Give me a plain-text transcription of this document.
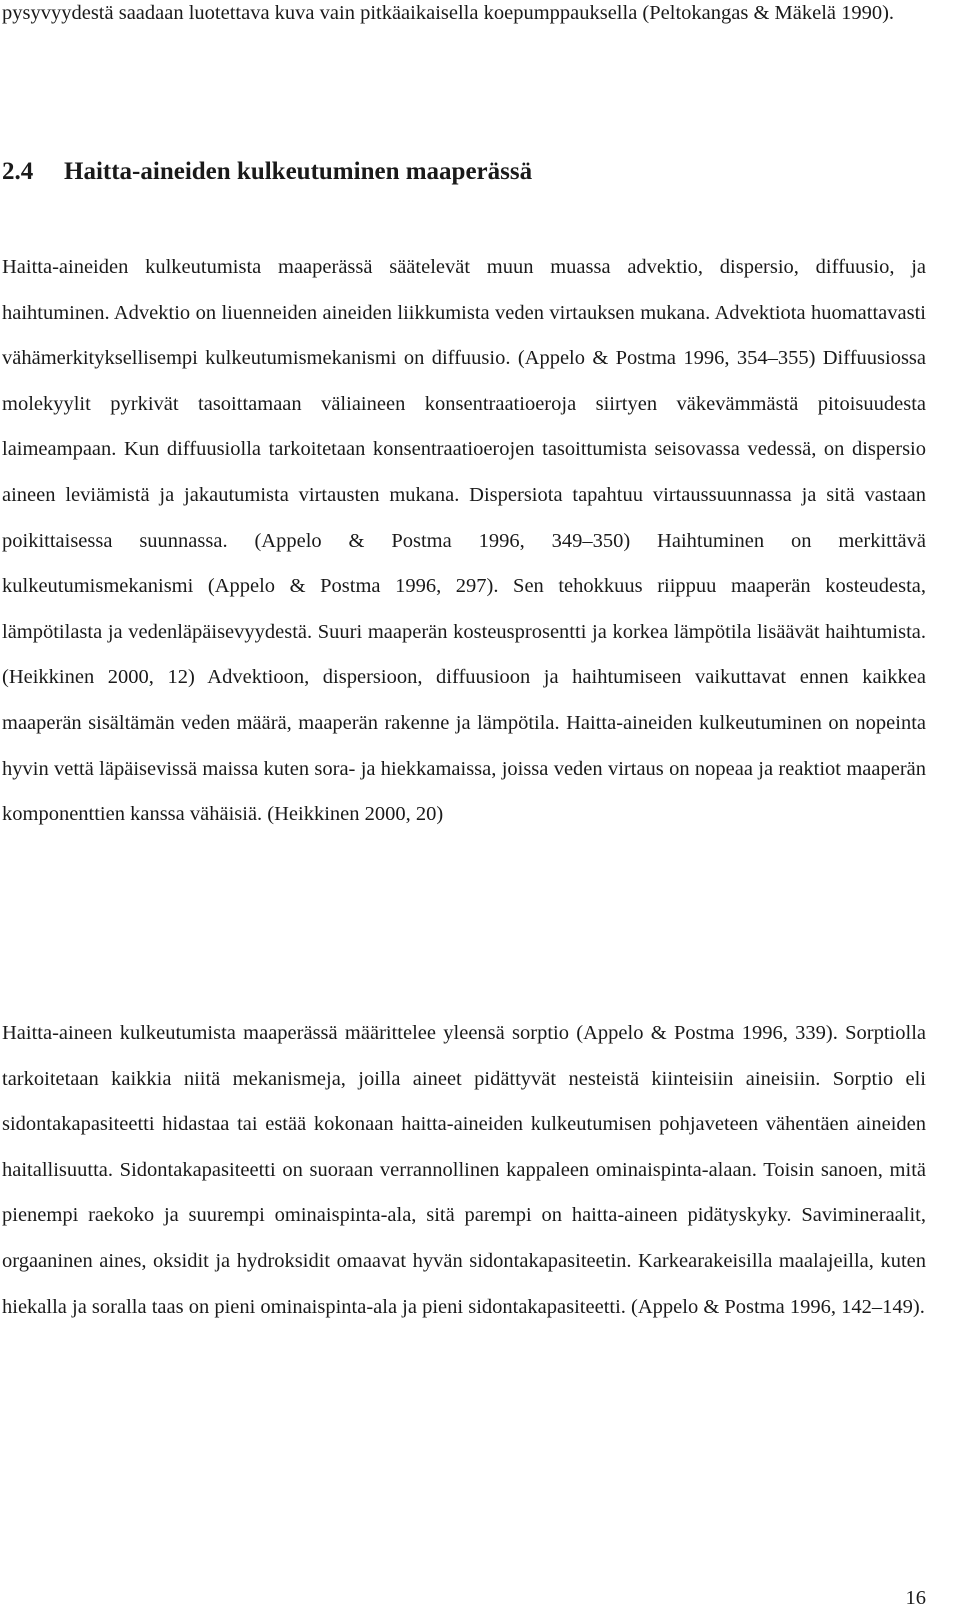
pysyvyydestä saadaan luotettava kuva vain pitkäaikaisella koepumppauksella (Peltokangas & Mäkelä 1990).

2.4 Haitta-aineiden kulkeutuminen maaperässä

Haitta-aineiden kulkeutumista maaperässä säätelevät muun muassa advektio, dispersio, diffuusio, ja haihtuminen. Advektio on liuenneiden aineiden liikkumista veden virtauksen mukana. Advektiota huomattavasti vähämerkityksellisempi kulkeutumismekanismi on diffuusio. (Appelo & Postma 1996, 354–355) Diffuusiossa molekyylit pyrkivät tasoittamaan väliaineen konsentraatioeroja siirtyen väkevämmästä pitoisuudesta laimeampaan. Kun diffuusiolla tarkoitetaan konsentraatioerojen tasoittumista seisovassa vedessä, on dispersio aineen leviämistä ja jakautumista virtausten mukana. Dispersiota tapahtuu virtaussuunnassa ja sitä vastaan poikittaisessa suunnassa. (Appelo & Postma 1996, 349–350) Haihtuminen on merkittävä kulkeutumismekanismi (Appelo & Postma 1996, 297). Sen tehokkuus riippuu maaperän kosteudesta, lämpötilasta ja vedenläpäisevyydestä. Suuri maaperän kosteusprosentti ja korkea lämpötila lisäävät haihtumista. (Heikkinen 2000, 12) Advektioon, dispersioon, diffuusioon ja haihtumiseen vaikuttavat ennen kaikkea maaperän sisältämän veden määrä, maaperän rakenne ja lämpötila. Haitta-aineiden kulkeutuminen on nopeinta hyvin vettä läpäisevissä maissa kuten sora- ja hiekkamaissa, joissa veden virtaus on nopeaa ja reaktiot maaperän komponenttien kanssa vähäisiä. (Heikkinen 2000, 20)

Haitta-aineen kulkeutumista maaperässä määrittelee yleensä sorptio (Appelo & Postma 1996, 339). Sorptiolla tarkoitetaan kaikkia niitä mekanismeja, joilla aineet pidättyvät nesteistä kiinteisiin aineisiin. Sorptio eli sidontakapasiteetti hidastaa tai estää kokonaan haitta-aineiden kulkeutumisen pohjaveteen vähentäen aineiden haitallisuutta. Sidontakapasiteetti on suoraan verrannollinen kappaleen ominaispinta-alaan. Toisin sanoen, mitä pienempi raekoko ja suurempi ominaispinta-ala, sitä parempi on haitta-aineen pidätyskyky. Savimineraalit, orgaaninen aines, oksidit ja hydroksidit omaavat hyvän sidontakapasiteetin. Karkearakeisilla maalajeilla, kuten hiekalla ja soralla taas on pieni ominaispinta-ala ja pieni sidontakapasiteetti. (Appelo & Postma 1996, 142–149).

16
